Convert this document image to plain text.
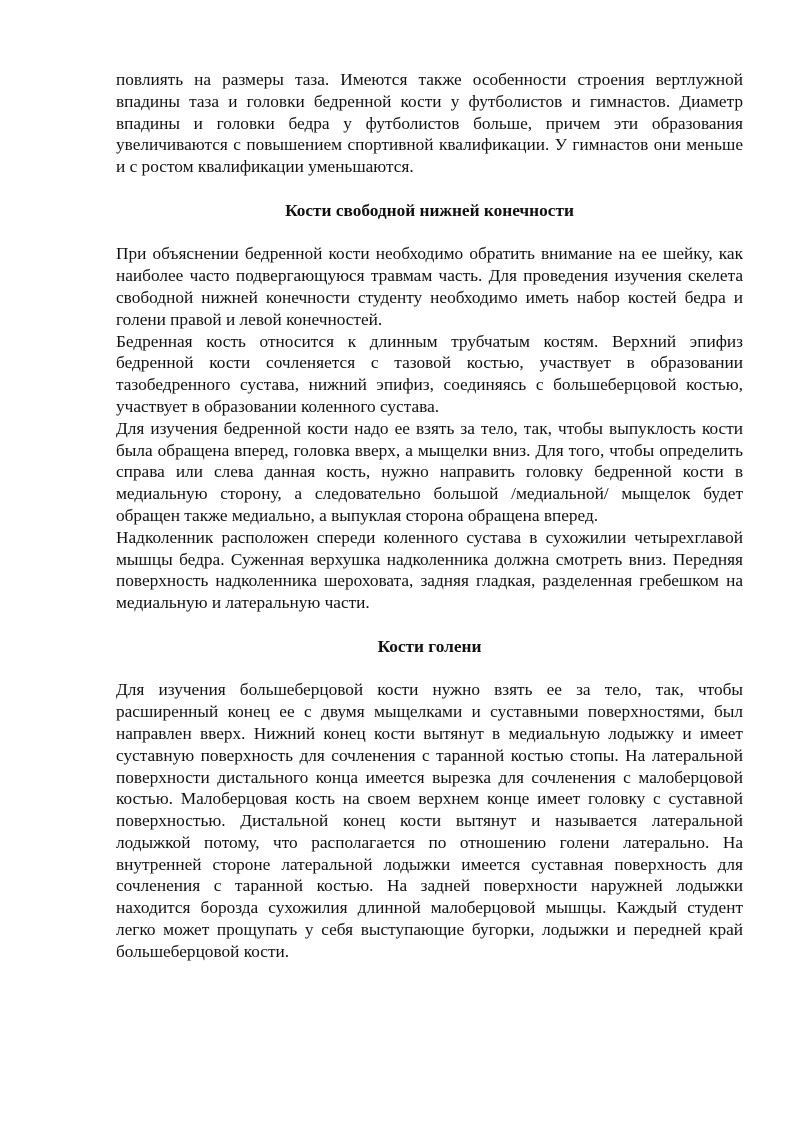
повлиять на размеры таза. Имеются также особенности строения вертлужной впадины таза и головки бедренной кости у футболистов и гимнастов. Диаметр впадины и головки бедра у футболистов больше, причем эти образования увеличиваются с повышением спортивной квалификации. У гимнастов они меньше и с ростом квалификации уменьшаются.

Кости свободной нижней конечности

При объяснении бедренной кости необходимо обратить внимание на ее шейку, как наиболее часто подвергающуюся травмам часть. Для проведения изучения скелета свободной нижней конечности студенту необходимо иметь набор костей бедра и голени правой и левой конечностей.

Бедренная кость относится к длинным трубчатым костям. Верхний эпифиз бедренной кости сочленяется с тазовой костью, участвует в образовании тазобедренного сустава, нижний эпифиз, соединяясь с большеберцовой костью, участвует в образовании коленного сустава.

Для изучения бедренной кости надо ее взять за тело, так, чтобы выпуклость кости была обращена вперед, головка вверх, а мыщелки вниз. Для того, чтобы определить справа или слева данная кость, нужно направить головку бедренной кости в медиальную сторону, а следовательно большой /медиальной/ мыщелок будет обращен также медиально, а выпуклая сторона обращена вперед.

Надколенник расположен спереди коленного сустава в сухожилии четырехглавой мышцы бедра. Суженная верхушка надколенника должна смотреть вниз. Передняя поверхность надколенника шероховата, задняя гладкая, разделенная гребешком на медиальную и латеральную части.

Кости голени

Для изучения большеберцовой кости нужно взять ее за тело, так, чтобы расширенный конец ее с двумя мыщелками и суставными поверхностями, был направлен вверх. Нижний конец кости вытянут в медиальную лодыжку и имеет суставную поверхность для сочленения с таранной костью стопы. На латеральной поверхности дистального конца имеется вырезка для сочленения с малоберцовой костью. Малоберцовая кость на своем верхнем конце имеет головку с суставной поверхностью. Дистальной конец кости вытянут и называется латеральной лодыжкой потому, что располагается по отношению голени латерально. На внутренней стороне латеральной лодыжки имеется суставная поверхность для сочленения с таранной костью. На задней поверхности наружней лодыжки находится борозда сухожилия длинной малоберцовой мышцы. Каждый студент легко может прощупать у себя выступающие бугорки, лодыжки и передней край большеберцовой кости.
